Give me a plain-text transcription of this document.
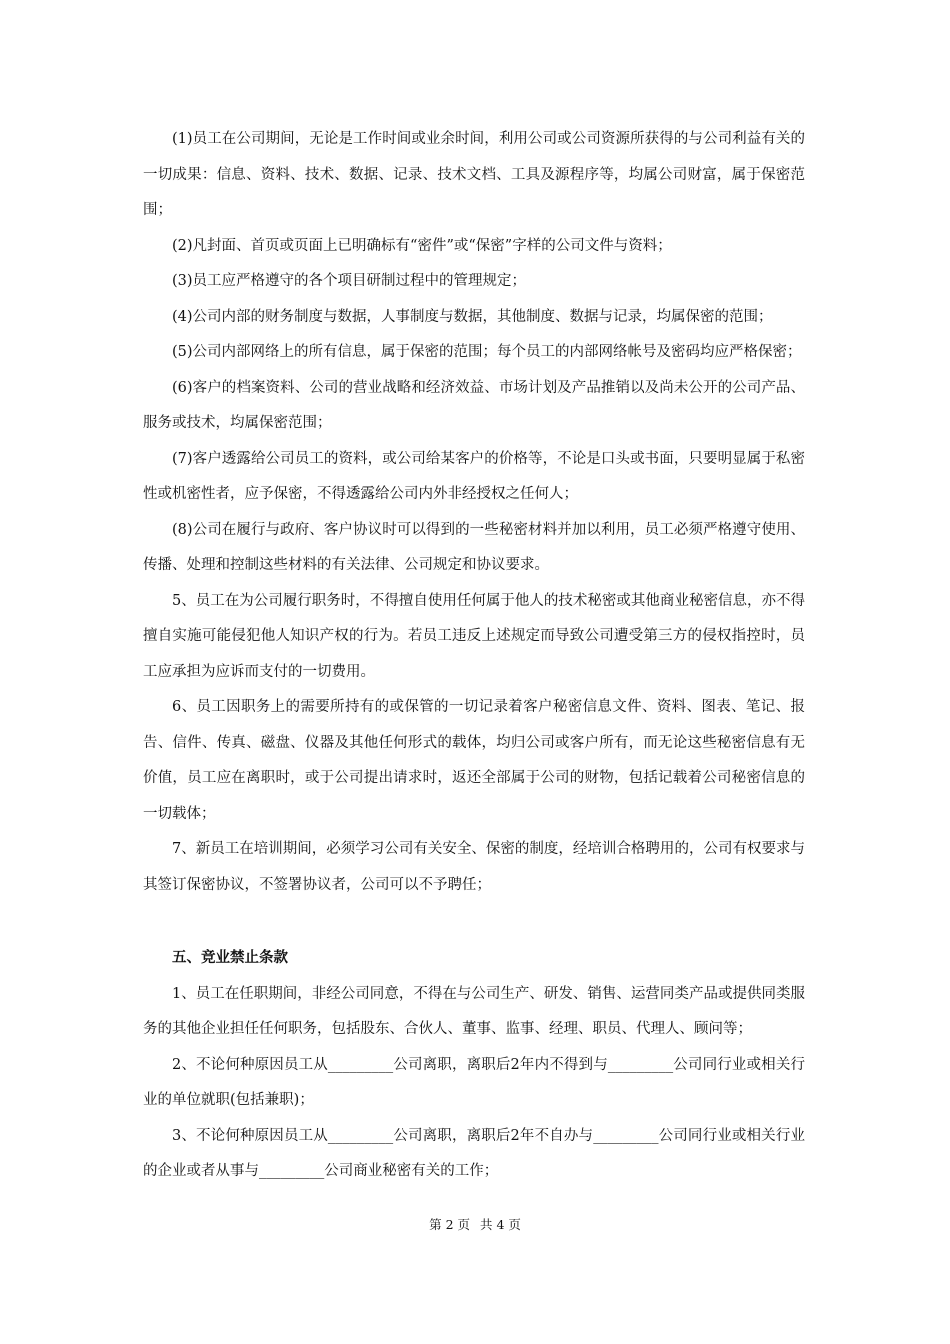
(1)员工在公司期间，无论是工作时间或业余时间，利用公司或公司资源所获得的与公司利益有关的一切成果：信息、资料、技术、数据、记录、技术文档、工具及源程序等，均属公司财富，属于保密范围；

(2)凡封面、首页或页面上已明确标有“密件”或“保密”字样的公司文件与资料；

(3)员工应严格遵守的各个项目研制过程中的管理规定；

(4)公司内部的财务制度与数据，人事制度与数据，其他制度、数据与记录，均属保密的范围；

(5)公司内部网络上的所有信息，属于保密的范围；每个员工的内部网络帐号及密码均应严格保密；

(6)客户的档案资料、公司的营业战略和经济效益、市场计划及产品推销以及尚未公开的公司产品、服务或技术，均属保密范围；

(7)客户透露给公司员工的资料，或公司给某客户的价格等，不论是口头或书面，只要明显属于私密性或机密性者，应予保密，不得透露给公司内外非经授权之任何人；

(8)公司在履行与政府、客户协议时可以得到的一些秘密材料并加以利用，员工必须严格遵守使用、传播、处理和控制这些材料的有关法律、公司规定和协议要求。

5、员工在为公司履行职务时，不得擅自使用任何属于他人的技术秘密或其他商业秘密信息，亦不得擅自实施可能侵犯他人知识产权的行为。若员工违反上述规定而导致公司遭受第三方的侵权指控时，员工应承担为应诉而支付的一切费用。

6、员工因职务上的需要所持有的或保管的一切记录着客户秘密信息文件、资料、图表、笔记、报告、信件、传真、磁盘、仪器及其他任何形式的载体，均归公司或客户所有，而无论这些秘密信息有无价值，员工应在离职时，或于公司提出请求时，返还全部属于公司的财物，包括记载着公司秘密信息的一切载体；

7、新员工在培训期间，必须学习公司有关安全、保密的制度，经培训合格聘用的，公司有权要求与其签订保密协议，不签署协议者，公司可以不予聘任；

五、竞业禁止条款

1、员工在任职期间，非经公司同意，不得在与公司生产、研发、销售、运营同类产品或提供同类服务的其他企业担任任何职务，包括股东、合伙人、董事、监事、经理、职员、代理人、顾问等；

2、不论何种原因员工从_________公司离职，离职后2年内不得到与_________公司同行业或相关行业的单位就职(包括兼职)；

3、不论何种原因员工从_________公司离职，离职后2年不自办与_________公司同行业或相关行业的企业或者从事与_________公司商业秘密有关的工作；

第 2 页 共 4 页
